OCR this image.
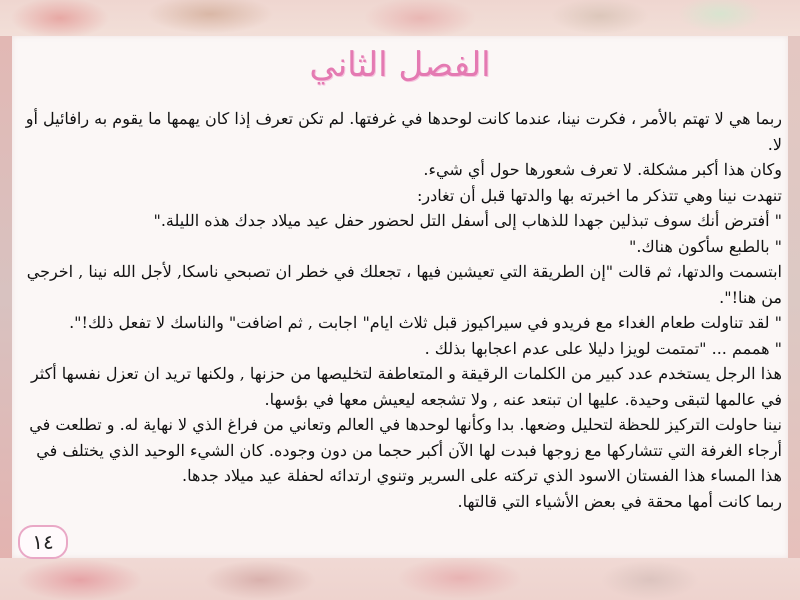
الفصل الثاني

ربما هي لا تهتم بالأمر ، فكرت نينا، عندما كانت لوحدها في غرفتها. لم تكن تعرف إذا كان يهمها ما يقوم به رافائيل أو لا.

وكان هذا أكبر مشكلة. لا تعرف شعورها حول أي شيء.

تنهدت نينا وهي تتذكر ما اخبرته بها والدتها قبل أن تغادر:

" أفترض أنك سوف تبذلين جهدا للذهاب إلى أسفل التل لحضور حفل عيد ميلاد جدك هذه الليلة."

" بالطبع سأكون هناك."

ابتسمت والدتها، ثم قالت "إن الطريقة التي تعيشين فيها ، تجعلك في خطر ان تصبحي ناسكا, لأجل الله نينا , اخرجي من هنا!".

" لقد تناولت طعام الغداء مع فريدو في سيراكيوز قبل ثلاث ايام" اجابت , ثم اضافت" والناسك لا تفعل ذلك!".

" هممم ... "تمتمت لويزا دليلا على عدم اعجابها بذلك .

هذا الرجل يستخدم عدد كبير من الكلمات الرقيقة و المتعاطفة لتخليصها من حزنها , ولكنها تريد ان تعزل نفسها أكثر في عالمها لتبقى وحيدة. عليها ان تبتعد عنه , ولا تشجعه ليعيش معها في بؤسها.

نينا حاولت التركيز للحظة لتحليل وضعها. بدا وكأنها لوحدها في العالم وتعاني من فراغ الذي لا نهاية له. و تطلعت في أرجاء الغرفة التي تتشاركها مع زوجها فبدت لها الآن أكبر حجما من دون وجوده. كان الشيء الوحيد الذي يختلف في هذا المساء هذا الفستان الاسود الذي تركته على السرير وتنوي ارتدائه لحفلة عيد ميلاد جدها.

ربما كانت أمها محقة في بعض الأشياء التي قالتها.

١٤
